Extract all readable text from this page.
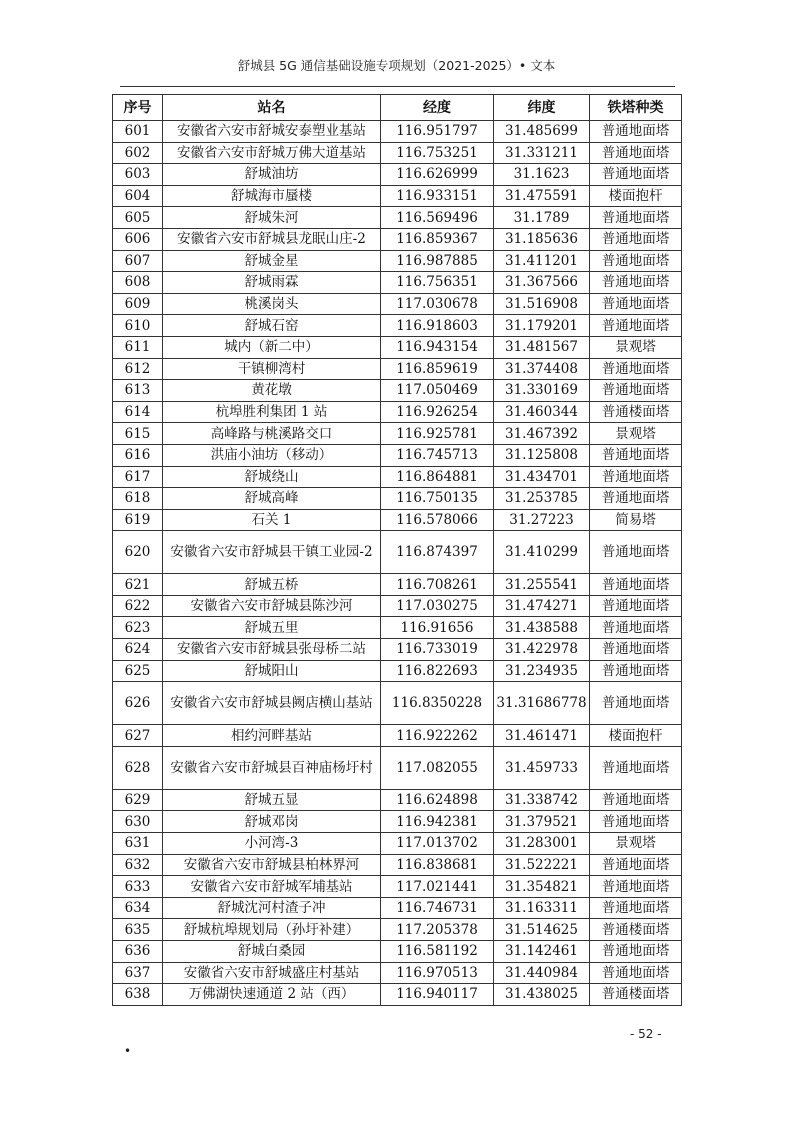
舒城县 5G 通信基础设施专项规划（2021-2025）• 文本
序号	站名	经度	纬度	铁塔种类
601	安徽省六安市舒城安泰塑业基站	116.951797	31.485699	普通地面塔
602	安徽省六安市舒城万佛大道基站	116.753251	31.331211	普通地面塔
603	舒城油坊	116.626999	31.1623	普通地面塔
604	舒城海市蜃楼	116.933151	31.475591	楼面抱杆
605	舒城朱河	116.569496	31.1789	普通地面塔
606	安徽省六安市舒城县龙眠山庄-2	116.859367	31.185636	普通地面塔
607	舒城金星	116.987885	31.411201	普通地面塔
608	舒城雨霖	116.756351	31.367566	普通地面塔
609	桃溪岗头	117.030678	31.516908	普通地面塔
610	舒城石窑	116.918603	31.179201	普通地面塔
611	城内（新二中）	116.943154	31.481567	景观塔
612	干镇柳湾村	116.859619	31.374408	普通地面塔
613	黄花墩	117.050469	31.330169	普通地面塔
614	杭埠胜利集团 1 站	116.926254	31.460344	普通楼面塔
615	高峰路与桃溪路交口	116.925781	31.467392	景观塔
616	洪庙小油坊（移动）	116.745713	31.125808	普通地面塔
617	舒城绕山	116.864881	31.434701	普通地面塔
618	舒城高峰	116.750135	31.253785	普通地面塔
619	石关 1	116.578066	31.27223	简易塔
620	安徽省六安市舒城县干镇工业园-2	116.874397	31.410299	普通地面塔
621	舒城五桥	116.708261	31.255541	普通地面塔
622	安徽省六安市舒城县陈沙河	117.030275	31.474271	普通地面塔
623	舒城五里	116.91656	31.438588	普通地面塔
624	安徽省六安市舒城县张母桥二站	116.733019	31.422978	普通地面塔
625	舒城阳山	116.822693	31.234935	普通地面塔
626	安徽省六安市舒城县阙店横山基站	116.8350228	31.31686778	普通地面塔
627	相约河畔基站	116.922262	31.461471	楼面抱杆
628	安徽省六安市舒城县百神庙杨圩村	117.082055	31.459733	普通地面塔
629	舒城五显	116.624898	31.338742	普通地面塔
630	舒城邓岗	116.942381	31.379521	普通地面塔
631	小河湾-3	117.013702	31.283001	景观塔
632	安徽省六安市舒城县柏林界河	116.838681	31.522221	普通地面塔
633	安徽省六安市舒城军埔基站	117.021441	31.354821	普通地面塔
634	舒城沈河村渣子冲	116.746731	31.163311	普通地面塔
635	舒城杭埠规划局（孙圩补建）	117.205378	31.514625	普通楼面塔
636	舒城白桑园	116.581192	31.142461	普通地面塔
637	安徽省六安市舒城盛庄村基站	116.970513	31.440984	普通地面塔
638	万佛湖快速通道 2 站（西）	116.940117	31.438025	普通楼面塔
- 52 -
•
